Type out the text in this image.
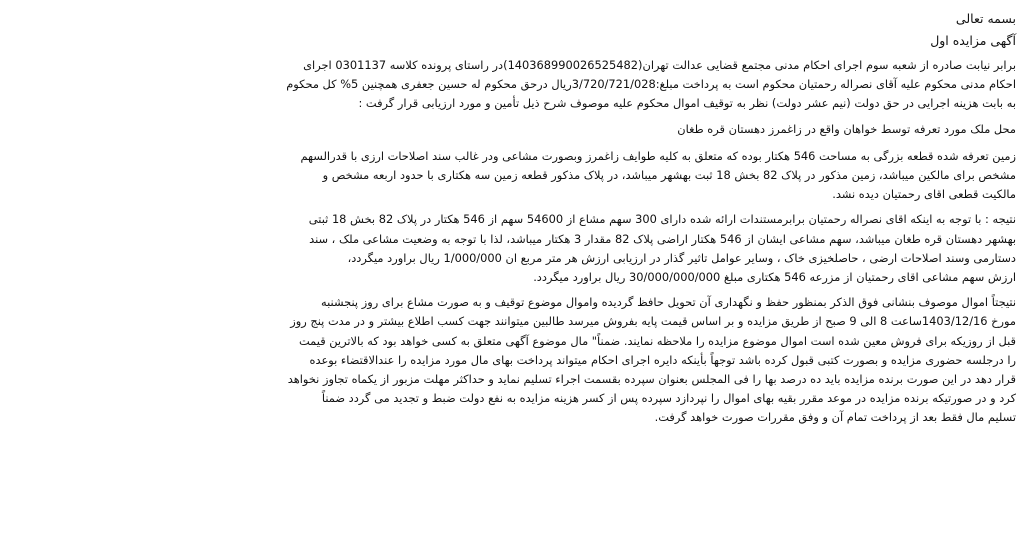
بسمه تعالی

آگهی مزایده اول

برابر نیابت صادره از شعبه سوم اجرای احکام مدنی مجتمع قضایی عدالت تهران(140368990026525482)در راستای پرونده کلاسه 0301137 اجرای

احکام مدنی محکوم علیه آقای نصراله رحمتیان محکوم است به پرداخت مبلغ:3/720/721/028ریال درحق محکوم له حسین جعفری همچنین 5% کل محکوم

به بابت هزینه اجرایی در حق دولت (نیم عشر دولت) نظر به توقیف اموال محکوم علیه موصوف شرح ذیل تأمین و مورد ارزیابی قرار گرفت :

محل ملک مورد تعرفه توسط خواهان واقع در زاغمرز دهستان قره طغان

زمین تعرفه شده قطعه بزرگی به مساحت 546 هکتار بوده که متعلق به کلیه طوایف زاغمرز وبصورت مشاعی ودر غالب سند اصلاحات ارزی با قدرالسهم

مشخص برای مالکین میباشد، زمین مذکور در پلاک 82 بخش 18 ثبت بهشهر میباشد، در پلاک مذکور قطعه زمین سه هکتاری با حدود اربعه مشخص و

مالکیت قطعی اقای رحمتیان دیده نشد.

نتیجه : با توجه به اینکه اقای نصراله رحمتیان برابرمستندات ارائه شده دارای 300 سهم مشاع از 54600 سهم از 546 هکتار در پلاک 82 بخش 18 ثبتی

بهشهر دهستان قره طغان میباشد، سهم مشاعی ایشان از 546 هکتار اراضی پلاک 82 مقدار 3 هکتار میباشد، لذا با توجه به وضعیت مشاعی ملک ، سند

دستارمی وسند اصلاحات ارضی ، حاصلخیزی خاک ، وسایر عوامل تاثیر گذار در ارزیابی ارزش هر متر مربع ان 1/000/000 ریال براورد میگردد،

ارزش سهم مشاعی اقای رحمتیان از مزرعه 546 هکتاری مبلغ 30/000/000/000 ریال براورد میگردد.

نتیجتاً اموال موصوف بنشانی فوق الذکر بمنظور حفظ و نگهداری آن تحویل حافظ گردیده واموال موضوع توقیف و به صورت مشاع برای روز پنجشنبه

مورخ 1403/12/16ساعت 8 الی 9 صبح از طریق مزایده و بر اساس قیمت پایه بفروش میرسد طالبین میتوانند جهت کسب اطلاع بیشتر و در مدت پنج روز

قبل از روزیکه برای فروش معین شده است اموال موضوع مزایده را ملاحظه نمایند. ضمناً" مال موضوع آگهی متعلق به کسی خواهد بود که بالاترین قیمت

را درجلسه حضوری مزایده و بصورت کتبی قبول کرده باشد توجهاً بأینکه دایره اجرای احکام میتواند پرداخت بهای مال مورد مزایده را عندالاقتضاء بوعده

قرار دهد در این صورت برنده مزایده باید ده درصد بها را فی المجلس بعنوان سپرده بقسمت اجراء تسلیم نماید و حداکثر مهلت مزبور از یکماه تجاوز نخواهد

کرد و در صورتیکه برنده مزایده در موعد مقرر بقیه بهای اموال را نپردازد سپرده پس از کسر هزینه مزایده به نفع دولت ضبط و تجدید می گردد ضمناً

تسلیم مال فقط بعد از پرداخت تمام آن و وفق مقررات صورت خواهد گرفت.
